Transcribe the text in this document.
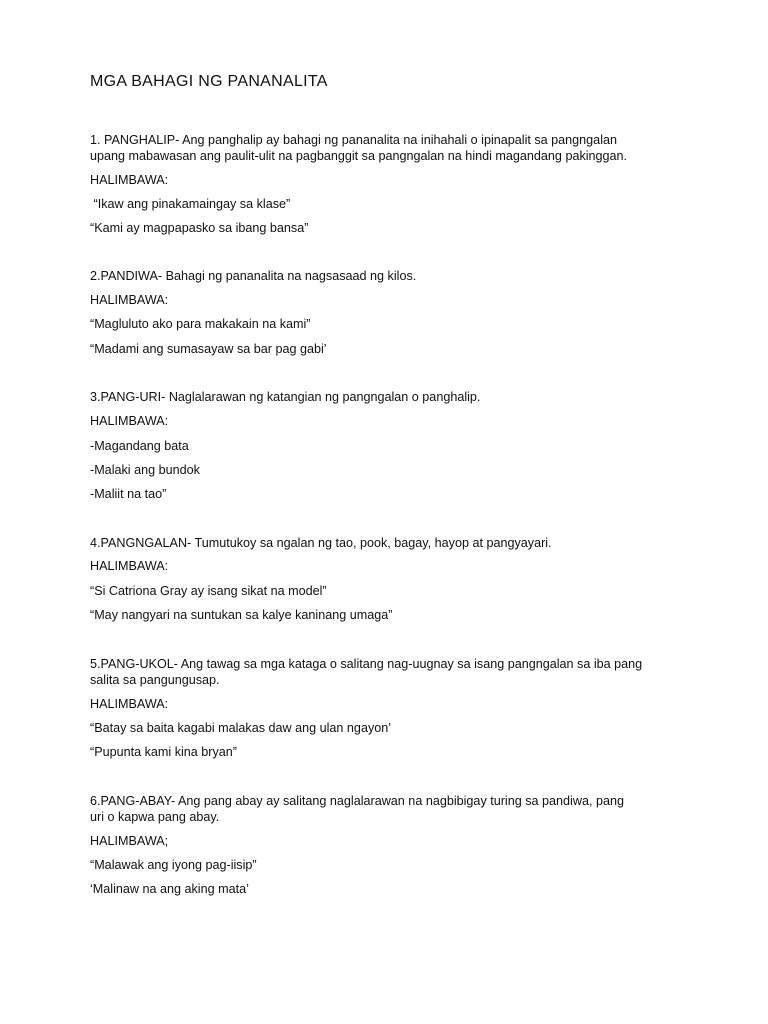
MGA BAHAGI NG PANANALITA
1. PANGHALIP- Ang panghalip ay bahagi ng pananalita na inihahali o ipinapalit sa pangngalan
upang mabawasan ang paulit-ulit na pagbanggit sa pangngalan na hindi magandang pakinggan.
HALIMBAWA:
“Ikaw ang pinakamaingay sa klase”
“Kami ay magpapasko sa ibang bansa”
2.PANDIWA- Bahagi ng pananalita na nagsasaad ng kilos.
HALIMBAWA:
“Magluluto ako para makakain na kami”
“Madami ang sumasayaw sa bar pag gabi’
3.PANG-URI- Naglalarawan ng katangian ng pangngalan o panghalip.
HALIMBAWA:
-Magandang bata
-Malaki ang bundok
-Maliit na tao”
4.PANGNGALAN- Tumutukoy sa ngalan ng tao, pook, bagay, hayop at pangyayari.
HALIMBAWA:
“Si Catriona Gray ay isang sikat na model”
“May nangyari na suntukan sa kalye kaninang umaga”
5.PANG-UKOL- Ang tawag sa mga kataga o salitang nag-uugnay sa isang pangngalan sa iba pang
salita sa pangungusap.
HALIMBAWA:
“Batay sa baita kagabi malakas daw ang ulan ngayon’
“Pupunta kami kina bryan”
6.PANG-ABAY- Ang pang abay ay salitang naglalarawan na nagbibigay turing sa pandiwa, pang
uri o kapwa pang abay.
HALIMBAWA;
“Malawak ang iyong pag-iisip”
‘Malinaw na ang aking mata’
